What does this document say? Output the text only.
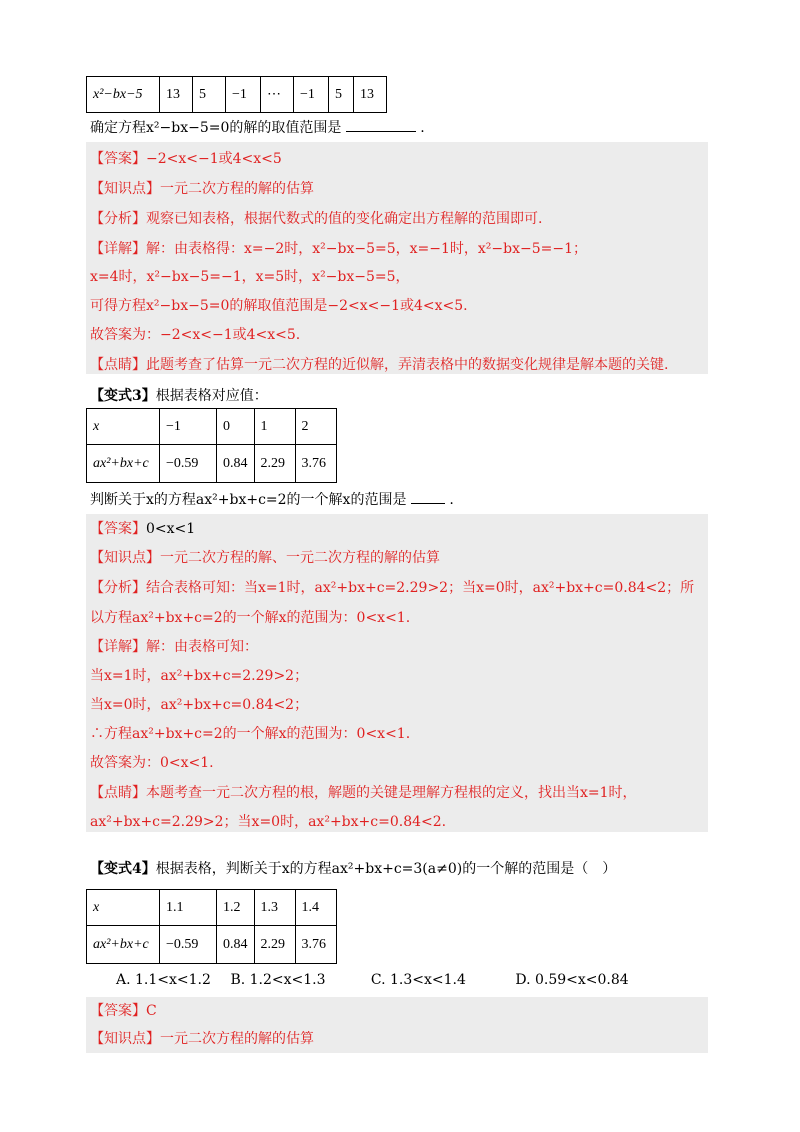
x²−bx−5	13	5	−1	⋯	−1	5	13
确定方程x²−bx−5=0的解的取值范围是	.
【答案】−2<x<−1或4<x<5
【知识点】一元二次方程的解的估算
【分析】观察已知表格，根据代数式的值的变化确定出方程解的范围即可.
【详解】解：由表格得：x=−2时，x²−bx−5=5，x=−1时，x²−bx−5=−1；
x=4时，x²−bx−5=−1，x=5时，x²−bx−5=5，
可得方程x²−bx−5=0的解取值范围是−2<x<−1或4<x<5.
故答案为：−2<x<−1或4<x<5.
【点睛】此题考查了估算一元二次方程的近似解，弄清表格中的数据变化规律是解本题的关键.
【变式3】根据表格对应值：
x	−1	0	1	2
ax²+bx+c	−0.59	0.84	2.29	3.76
判断关于x的方程ax²+bx+c=2的一个解x的范围是	.
【答案】0<x<1
【知识点】一元二次方程的解、一元二次方程的解的估算
【分析】结合表格可知：当x=1时，ax²+bx+c=2.29>2；当x=0时，ax²+bx+c=0.84<2；所
以方程ax²+bx+c=2的一个解x的范围为：0<x<1.
【详解】解：由表格可知：
当x=1时，ax²+bx+c=2.29>2；
当x=0时，ax²+bx+c=0.84<2；
∴方程ax²+bx+c=2的一个解x的范围为：0<x<1.
故答案为：0<x<1.
【点睛】本题考查一元二次方程的根，解题的关键是理解方程根的定义，找出当x=1时，
ax²+bx+c=2.29>2；当x=0时，ax²+bx+c=0.84<2.
【变式4】根据表格，判断关于x的方程ax²+bx+c=3(a≠0)的一个解的范围是（　）
x	1.1	1.2	1.3	1.4
ax²+bx+c	−0.59	0.84	2.29	3.76
A. 1.1<x<1.2 B. 1.2<x<1.3	C. 1.3<x<1.4	D. 0.59<x<0.84
【答案】C
【知识点】一元二次方程的解的估算
